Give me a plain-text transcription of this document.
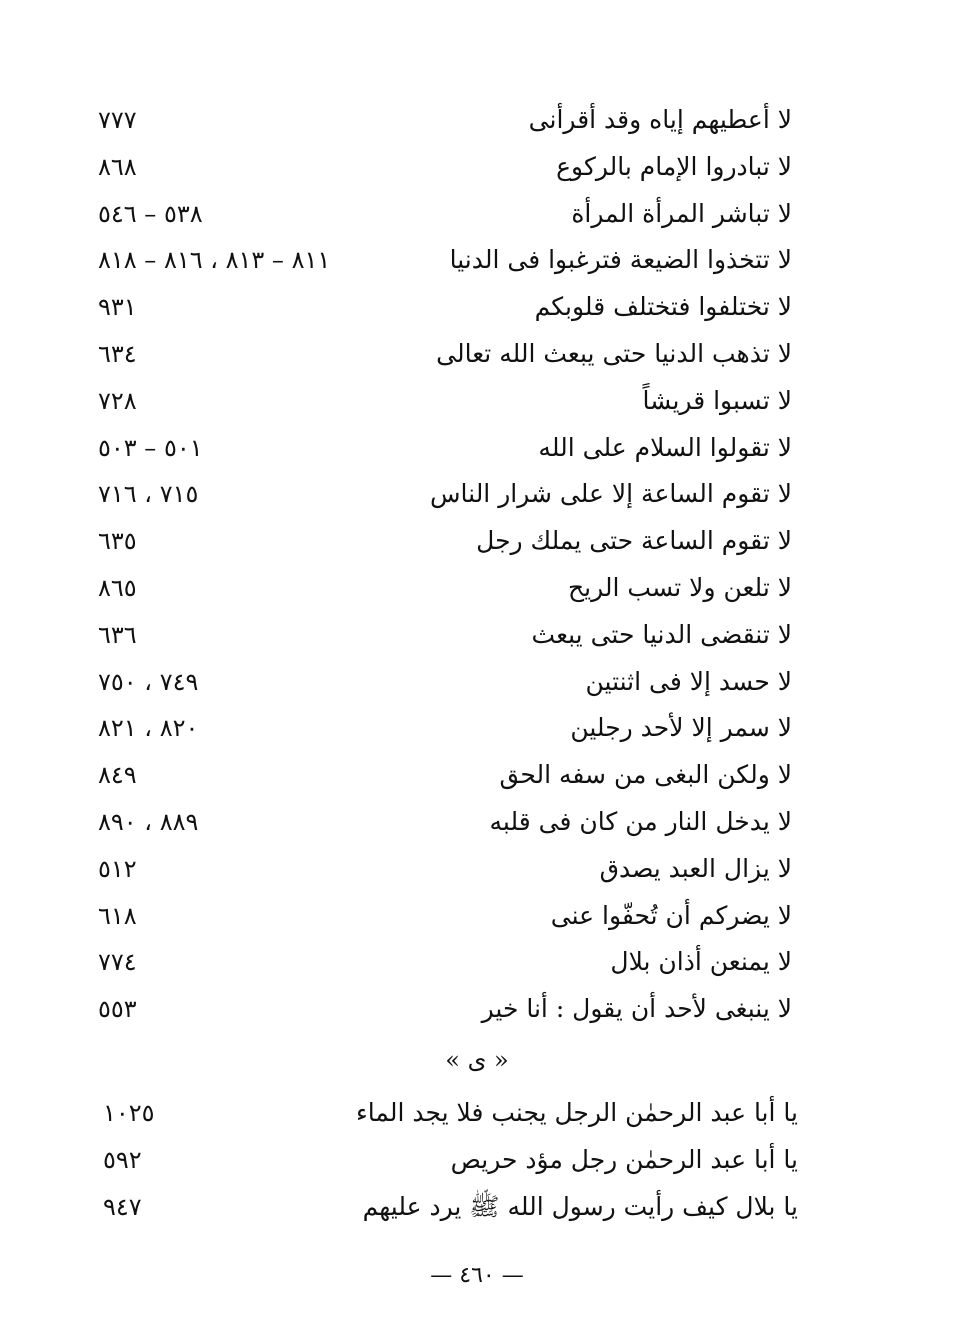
لا أعطيهم إياه وقد أقرأنى
٧٧٧
لا تبادروا الإمام بالركوع
٨٦٨
لا تباشر المرأة المرأة
٥٣٨ – ٥٤٦
لا تتخذوا الضيعة فترغبوا فى الدنيا
٨١١ – ٨١٣ ، ٨١٦ – ٨١٨
لا تختلفوا فتختلف قلوبكم
٩٣١
لا تذهب الدنيا حتى يبعث الله تعالى
٦٣٤
لا تسبوا قريشاً
٧٢٨
لا تقولوا السلام على الله
٥٠١ – ٥٠٣
لا تقوم الساعة إلا على شرار الناس
٧١٥ ، ٧١٦
لا تقوم الساعة حتى يملك رجل
٦٣٥
لا تلعن ولا تسب الريح
٨٦٥
لا تنقضى الدنيا حتى يبعث
٦٣٦
لا حسد إلا فى اثنتين
٧٤٩ ، ٧٥٠
لا سمر إلا لأحد رجلين
٨٢٠ ، ٨٢١
لا ولكن البغى من سفه الحق
٨٤٩
لا يدخل النار من كان فى قلبه
٨٨٩ ، ٨٩٠
لا يزال العبد يصدق
٥١٢
لا يضركم أن تُحفّوا عنى
٦١٨
لا يمنعن أذان بلال
٧٧٤
لا ينبغى لأحد أن يقول : أنا خير
٥٥٣
« ى »
يا أبا عبد الرحمٰن الرجل يجنب فلا يجد الماء
١٠٢٥
يا أبا عبد الرحمٰن رجل مؤد حريص
٥٩٢
يا بلال كيف رأيت رسول الله ﷺ يرد عليهم
٩٤٧
— ٤٦٠ —
